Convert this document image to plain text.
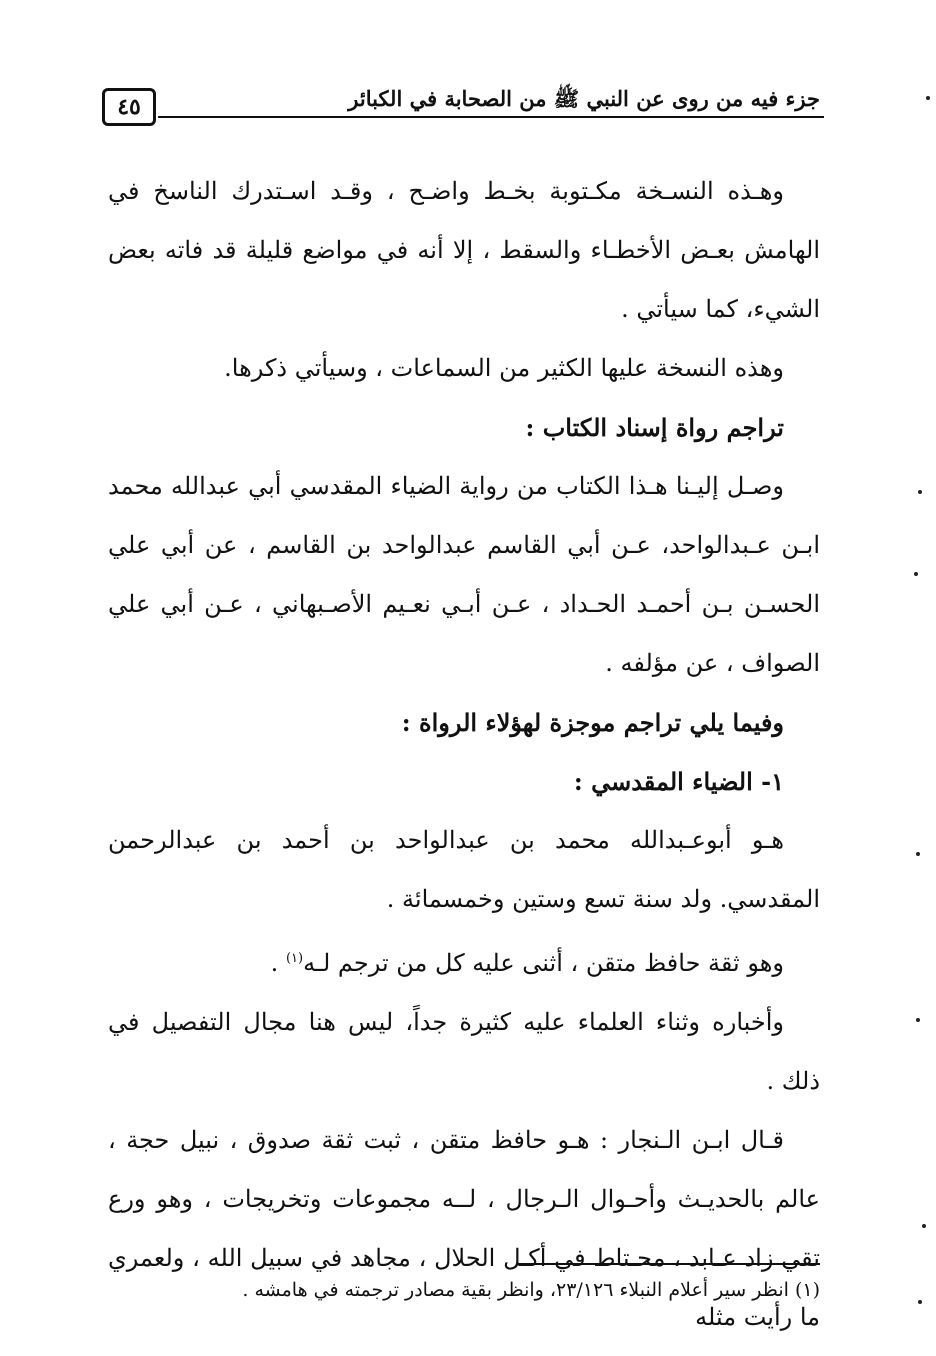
جزء فيه من روى عن النبي ﷺ من الصحابة في الكبائر
٤٥

وهـذه النسـخة مكـتوبة بخـط واضـح ، وقـد اسـتدرك الناسخ في الهامش بعـض الأخطـاء والسقط ، إلا أنه في مواضع قليلة قد فاته بعض الشيء، كما سيأتي .

وهذه النسخة عليها الكثير من السماعات ، وسيأتي ذكرها.

تراجم رواة إسناد الكتاب :

وصـل إليـنا هـذا الكتاب من رواية الضياء المقدسي أبي عبدالله محمد ابـن عـبدالواحد، عـن أبي القاسم عبدالواحد بن القاسم ، عن أبي علي الحسـن بـن أحمـد الحـداد ، عـن أبـي نعـيم الأصـبهاني ، عـن أبي علي الصواف ، عن مؤلفه .

وفيما يلي تراجم موجزة لهؤلاء الرواة :

١- الضياء المقدسي :

هـو أبوعـبدالله محمد بن عبدالواحد بن أحمد بن عبدالرحمن المقدسي. ولد سنة تسع وستين وخمسمائة .

وهو ثقة حافظ متقن ، أثنى عليه كل من ترجم لـه$^{(١)}$ .

وأخباره وثناء العلماء عليه كثيرة جداً، ليس هنا مجال التفصيل في ذلك .

قـال ابـن الـنجار : هـو حافظ متقن ، ثبت ثقة صدوق ، نبيل حجة ، عالم بالحديـث وأحـوال الـرجال ، لــه مجموعات وتخريجات ، وهو ورع تقي زاد عـابد ، محـتاط في أكـل الحلال ، مجاهد في سبيل الله ، ولعمري ما رأيت مثله

(١) انظر سير أعلام النبلاء ٢٣/١٢٦، وانظر بقية مصادر ترجمته في هامشه .
